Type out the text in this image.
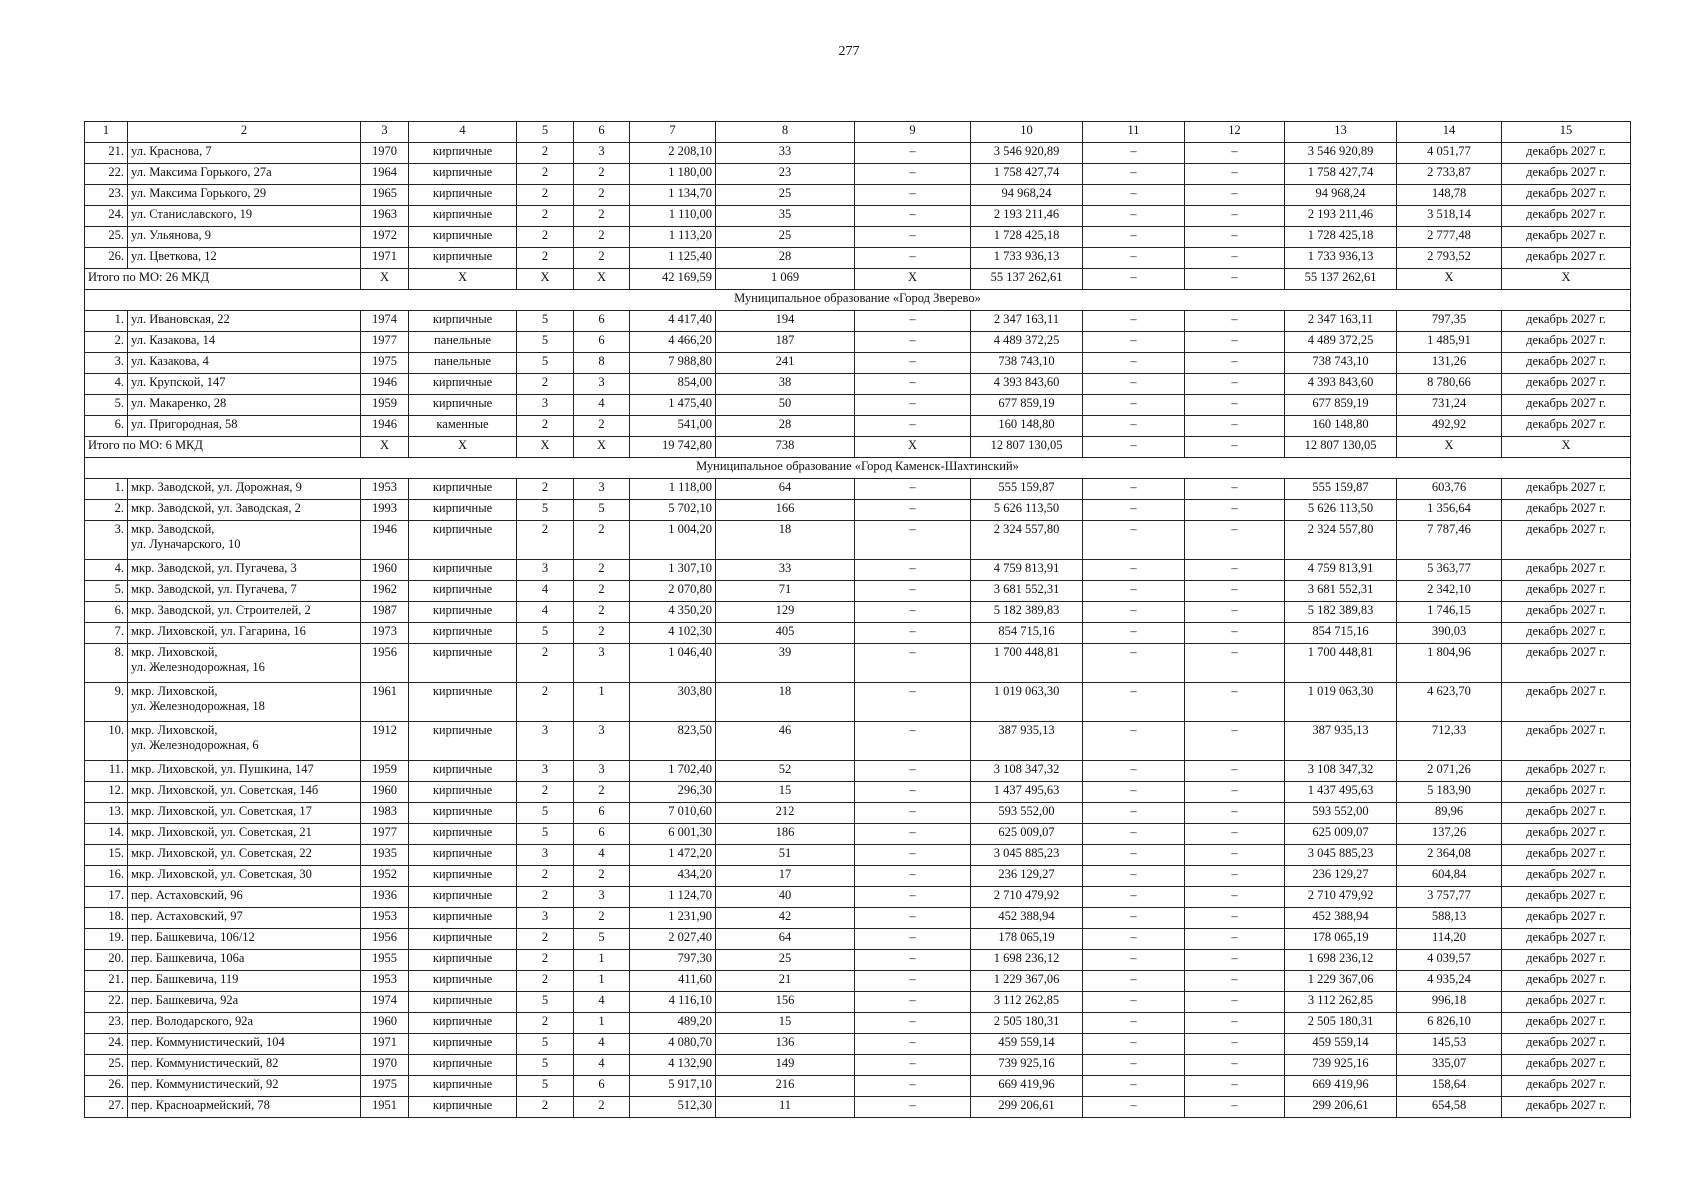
277
1	2	3	4	5	6	7	8	9	10	11	12	13	14	15
21.	ул. Краснова, 7	1970	кирпичные	2	3	2 208,10	33	–	3 546 920,89	–	–	3 546 920,89	4 051,77	декабрь 2027 г.
22.	ул. Максима Горького, 27а	1964	кирпичные	2	2	1 180,00	23	–	1 758 427,74	–	–	1 758 427,74	2 733,87	декабрь 2027 г.
23.	ул. Максима Горького, 29	1965	кирпичные	2	2	1 134,70	25	–	94 968,24	–	–	94 968,24	148,78	декабрь 2027 г.
24.	ул. Станиславского, 19	1963	кирпичные	2	2	1 110,00	35	–	2 193 211,46	–	–	2 193 211,46	3 518,14	декабрь 2027 г.
25.	ул. Ульянова, 9	1972	кирпичные	2	2	1 113,20	25	–	1 728 425,18	–	–	1 728 425,18	2 777,48	декабрь 2027 г.
26.	ул. Цветкова, 12	1971	кирпичные	2	2	1 125,40	28	–	1 733 936,13	–	–	1 733 936,13	2 793,52	декабрь 2027 г.
Итого по МО: 26 МКД		X	X	X	X	42 169,59	1 069	X	55 137 262,61	–	–	55 137 262,61	X	X
Муниципальное образование «Город Зверево»														
1.	ул. Ивановская, 22	1974	кирпичные	5	6	4 417,40	194	–	2 347 163,11	–	–	2 347 163,11	797,35	декабрь 2027 г.
2.	ул. Казакова, 14	1977	панельные	5	6	4 466,20	187	–	4 489 372,25	–	–	4 489 372,25	1 485,91	декабрь 2027 г.
3.	ул. Казакова, 4	1975	панельные	5	8	7 988,80	241	–	738 743,10	–	–	738 743,10	131,26	декабрь 2027 г.
4.	ул. Крупской, 147	1946	кирпичные	2	3	854,00	38	–	4 393 843,60	–	–	4 393 843,60	8 780,66	декабрь 2027 г.
5.	ул. Макаренко, 28	1959	кирпичные	3	4	1 475,40	50	–	677 859,19	–	–	677 859,19	731,24	декабрь 2027 г.
6.	ул. Пригородная, 58	1946	каменные	2	2	541,00	28	–	160 148,80	–	–	160 148,80	492,92	декабрь 2027 г.
Итого по МО: 6 МКД		X	X	X	X	19 742,80	738	X	12 807 130,05	–	–	12 807 130,05	X	X
Муниципальное образование «Город Каменск-Шахтинский»														
1.	мкр. Заводской, ул. Дорожная, 9	1953	кирпичные	2	3	1 118,00	64	–	555 159,87	–	–	555 159,87	603,76	декабрь 2027 г.
2.	мкр. Заводской, ул. Заводская, 2	1993	кирпичные	5	5	5 702,10	166	–	5 626 113,50	–	–	5 626 113,50	1 356,64	декабрь 2027 г.
3.	мкр. Заводской,
ул. Луначарского, 10	1946	кирпичные	2	2	1 004,20	18	–	2 324 557,80	–	–	2 324 557,80	7 787,46	декабрь 2027 г.
4.	мкр. Заводской, ул. Пугачева, 3	1960	кирпичные	3	2	1 307,10	33	–	4 759 813,91	–	–	4 759 813,91	5 363,77	декабрь 2027 г.
5.	мкр. Заводской, ул. Пугачева, 7	1962	кирпичные	4	2	2 070,80	71	–	3 681 552,31	–	–	3 681 552,31	2 342,10	декабрь 2027 г.
6.	мкр. Заводской, ул. Строителей, 2	1987	кирпичные	4	2	4 350,20	129	–	5 182 389,83	–	–	5 182 389,83	1 746,15	декабрь 2027 г.
7.	мкр. Лиховской, ул. Гагарина, 16	1973	кирпичные	5	2	4 102,30	405	–	854 715,16	–	–	854 715,16	390,03	декабрь 2027 г.
8.	мкр. Лиховской,
ул. Железнодорожная, 16	1956	кирпичные	2	3	1 046,40	39	–	1 700 448,81	–	–	1 700 448,81	1 804,96	декабрь 2027 г.
9.	мкр. Лиховской,
ул. Железнодорожная, 18	1961	кирпичные	2	1	303,80	18	–	1 019 063,30	–	–	1 019 063,30	4 623,70	декабрь 2027 г.
10.	мкр. Лиховской,
ул. Железнодорожная, 6	1912	кирпичные	3	3	823,50	46	–	387 935,13	–	–	387 935,13	712,33	декабрь 2027 г.
11.	мкр. Лиховской, ул. Пушкина, 147	1959	кирпичные	3	3	1 702,40	52	–	3 108 347,32	–	–	3 108 347,32	2 071,26	декабрь 2027 г.
12.	мкр. Лиховской, ул. Советская, 14б	1960	кирпичные	2	2	296,30	15	–	1 437 495,63	–	–	1 437 495,63	5 183,90	декабрь 2027 г.
13.	мкр. Лиховской, ул. Советская, 17	1983	кирпичные	5	6	7 010,60	212	–	593 552,00	–	–	593 552,00	89,96	декабрь 2027 г.
14.	мкр. Лиховской, ул. Советская, 21	1977	кирпичные	5	6	6 001,30	186	–	625 009,07	–	–	625 009,07	137,26	декабрь 2027 г.
15.	мкр. Лиховской, ул. Советская, 22	1935	кирпичные	3	4	1 472,20	51	–	3 045 885,23	–	–	3 045 885,23	2 364,08	декабрь 2027 г.
16.	мкр. Лиховской, ул. Советская, 30	1952	кирпичные	2	2	434,20	17	–	236 129,27	–	–	236 129,27	604,84	декабрь 2027 г.
17.	пер. Астаховский, 96	1936	кирпичные	2	3	1 124,70	40	–	2 710 479,92	–	–	2 710 479,92	3 757,77	декабрь 2027 г.
18.	пер. Астаховский, 97	1953	кирпичные	3	2	1 231,90	42	–	452 388,94	–	–	452 388,94	588,13	декабрь 2027 г.
19.	пер. Башкевича, 106/12	1956	кирпичные	2	5	2 027,40	64	–	178 065,19	–	–	178 065,19	114,20	декабрь 2027 г.
20.	пер. Башкевича, 106а	1955	кирпичные	2	1	797,30	25	–	1 698 236,12	–	–	1 698 236,12	4 039,57	декабрь 2027 г.
21.	пер. Башкевича, 119	1953	кирпичные	2	1	411,60	21	–	1 229 367,06	–	–	1 229 367,06	4 935,24	декабрь 2027 г.
22.	пер. Башкевича, 92а	1974	кирпичные	5	4	4 116,10	156	–	3 112 262,85	–	–	3 112 262,85	996,18	декабрь 2027 г.
23.	пер. Володарского, 92а	1960	кирпичные	2	1	489,20	15	–	2 505 180,31	–	–	2 505 180,31	6 826,10	декабрь 2027 г.
24.	пер. Коммунистический, 104	1971	кирпичные	5	4	4 080,70	136	–	459 559,14	–	–	459 559,14	145,53	декабрь 2027 г.
25.	пер. Коммунистический, 82	1970	кирпичные	5	4	4 132,90	149	–	739 925,16	–	–	739 925,16	335,07	декабрь 2027 г.
26.	пер. Коммунистический, 92	1975	кирпичные	5	6	5 917,10	216	–	669 419,96	–	–	669 419,96	158,64	декабрь 2027 г.
27.	пер. Красноармейский, 78	1951	кирпичные	2	2	512,30	11	–	299 206,61	–	–	299 206,61	654,58	декабрь 2027 г.
